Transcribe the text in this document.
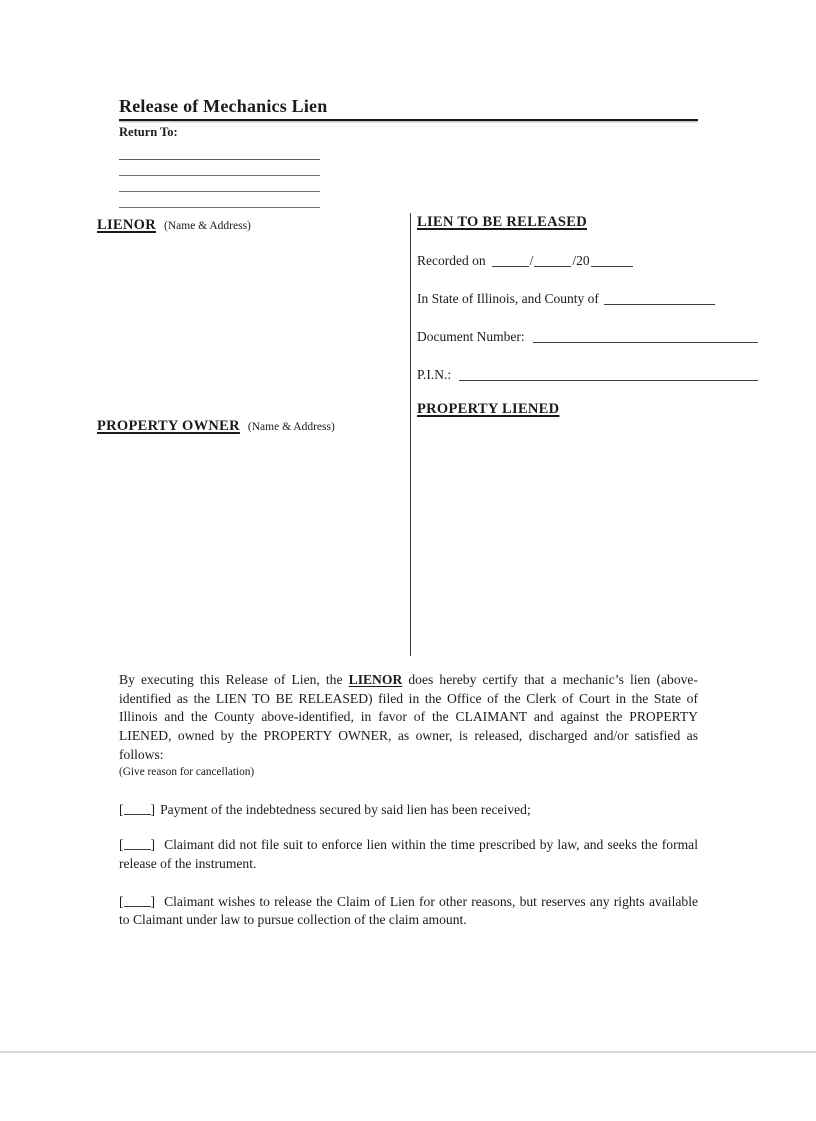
Release of Mechanics Lien
Return To:
LIENOR (Name & Address)
PROPERTY OWNER (Name & Address)
LIEN TO BE RELEASED

Recorded on	/	/20

In State of Illinois, and County of

Document Number:

P.I.N.:

PROPERTY LIENED

By executing this Release of Lien, the LIENOR does hereby certify that a mechanic’s lien (above-identified as the LIEN TO BE RELEASED) filed in the Office of the Clerk of Court in the State of Illinois and the County above-identified, in favor of the CLAIMANT and against the PROPERTY LIENED, owned by the PROPERTY OWNER, as owner, is released, discharged and/or satisfied as follows:

(Give reason for cancellation)

[ ] Payment of the indebtedness secured by said lien has been received;

[ ] Claimant did not file suit to enforce lien within the time prescribed by law, and seeks the formal release of the instrument.

[ ] Claimant wishes to release the Claim of Lien for other reasons, but reserves any rights available to Claimant under law to pursue collection of the claim amount.
